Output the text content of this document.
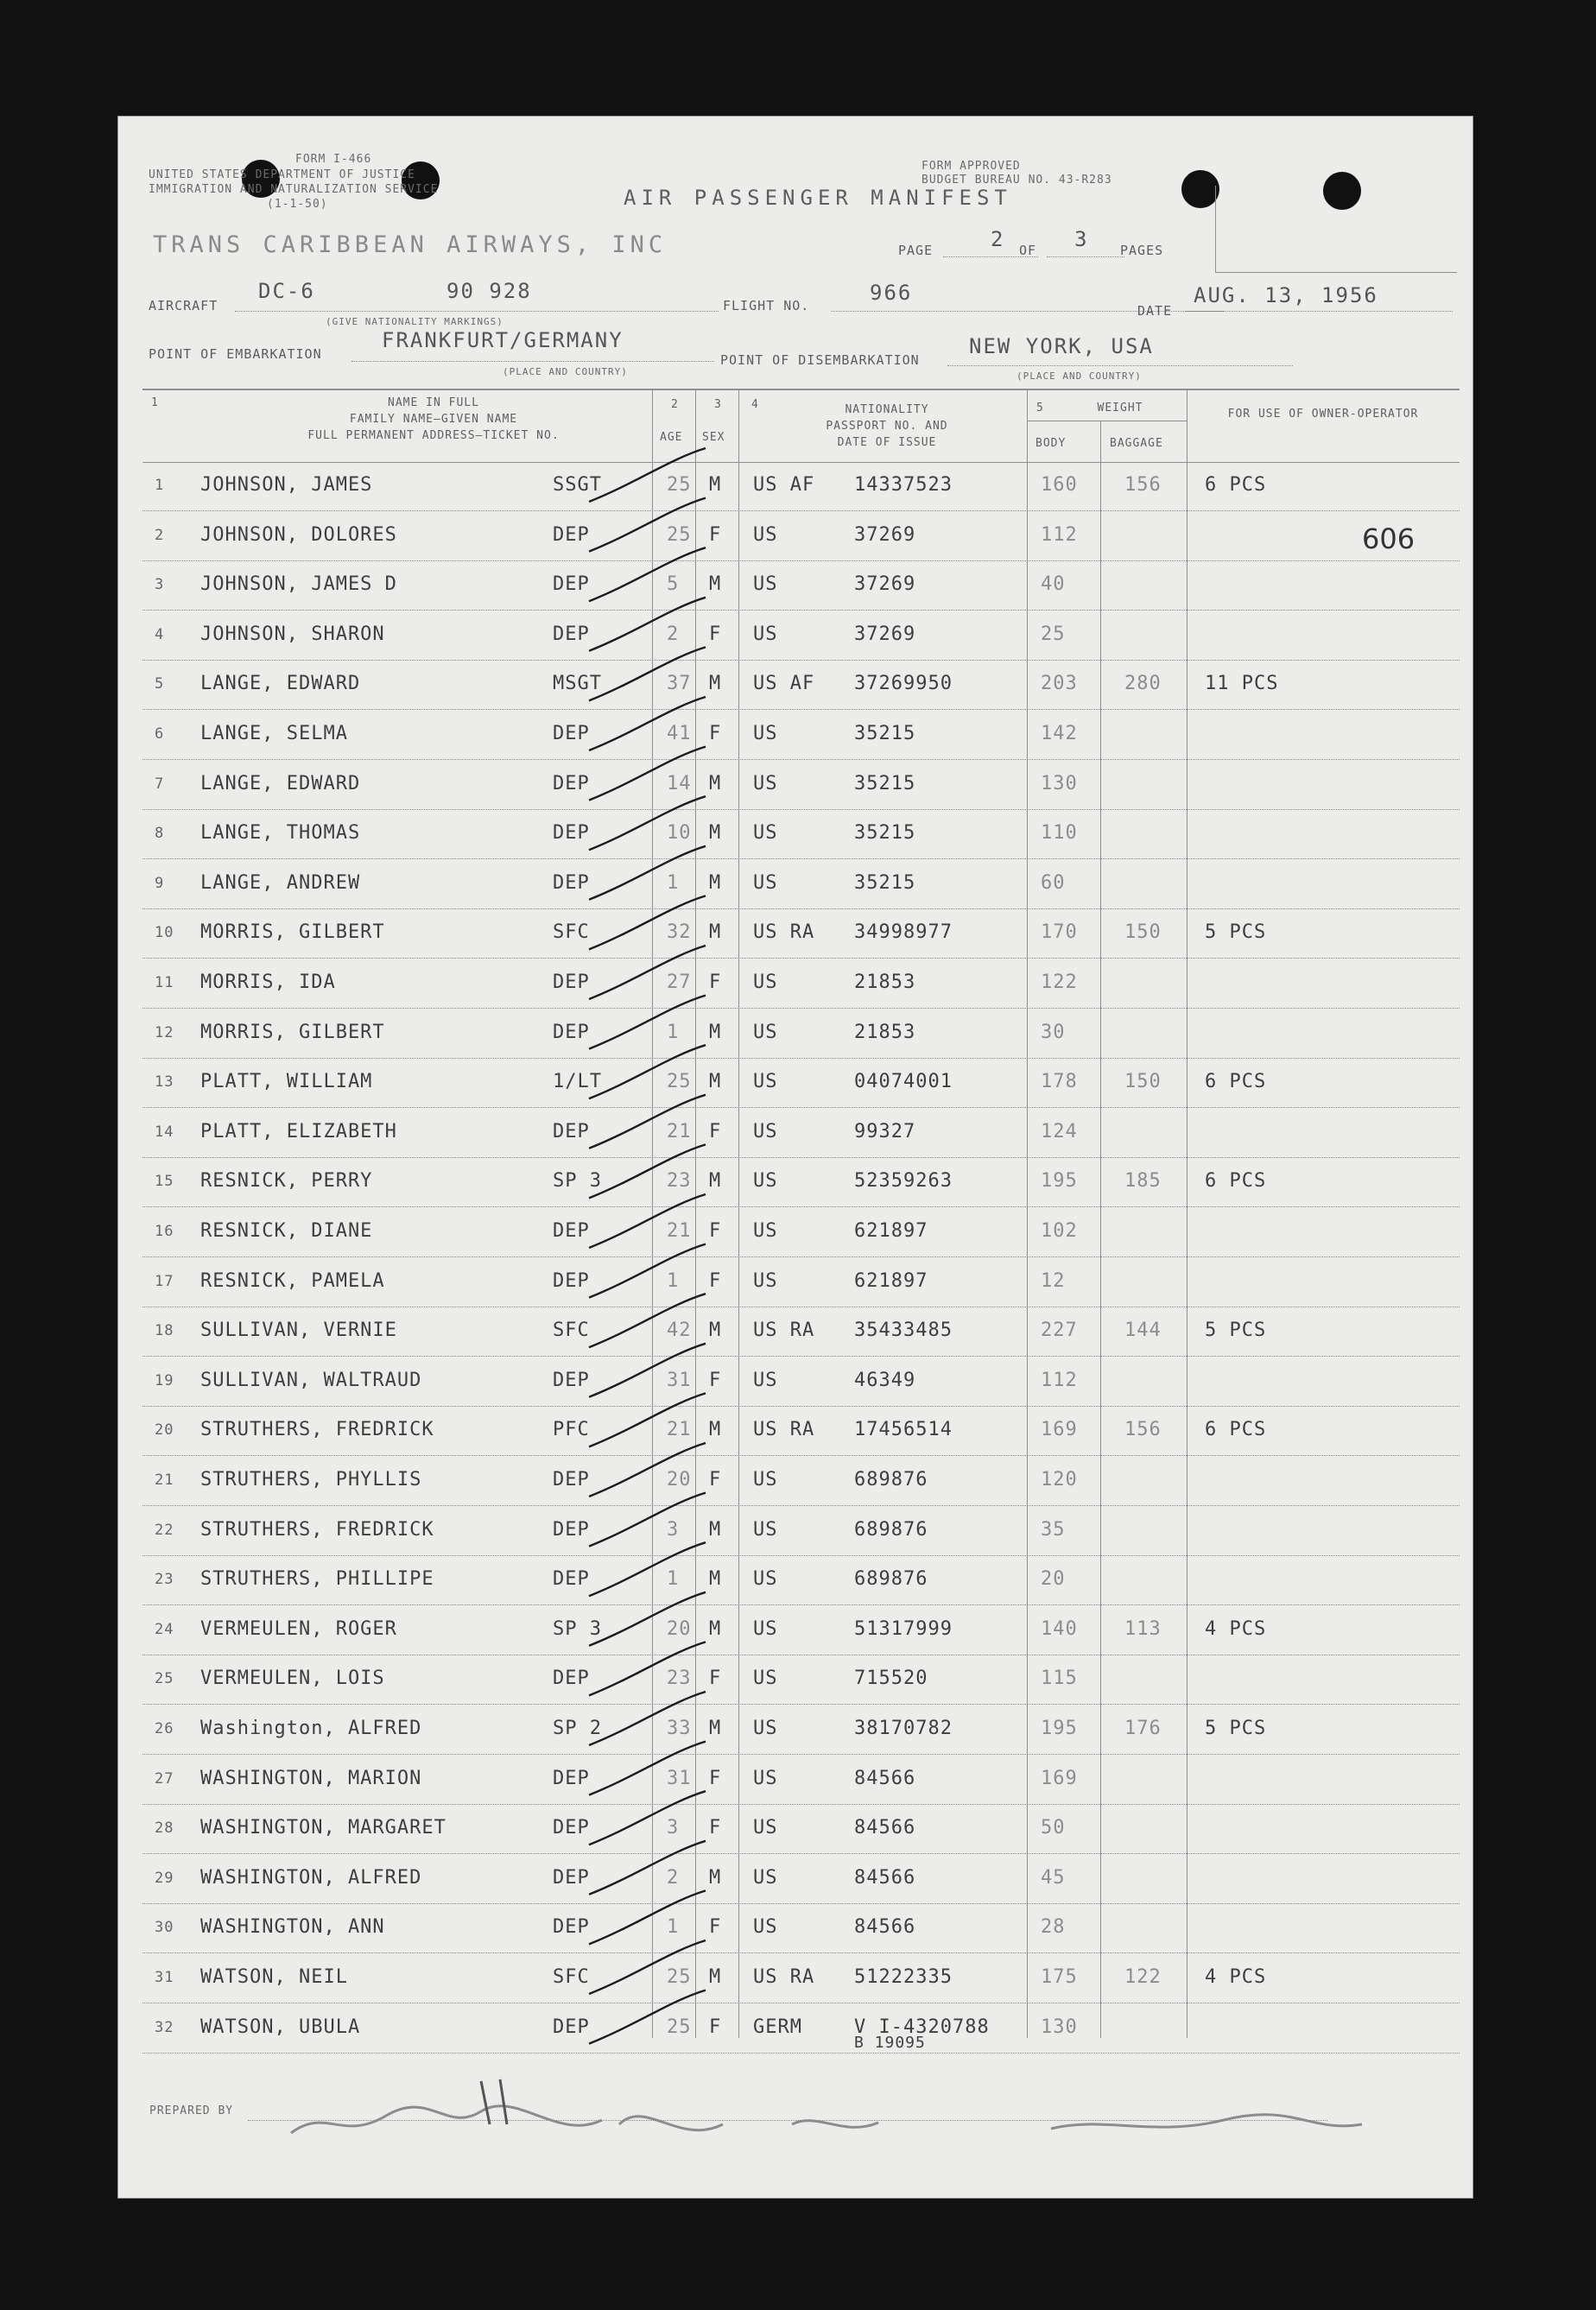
FORM I-466
UNITED STATES DEPARTMENT OF JUSTICE
IMMIGRATION AND NATURALIZATION SERVICE
(1-1-50)
FORM APPROVED
BUDGET BUREAU NO. 43-R283
AIR PASSENGER MANIFEST
TRANS CARIBBEAN AIRWAYS, INC	PAGE	2 OF 3 PAGES
AIRCRAFT
DC-6	90 928
FLIGHT NO.
966
DATE
AUG. 13, 1956
(GIVE NATIONALITY MARKINGS)
POINT OF EMBARKATION
FRANKFURT/GERMANY
(PLACE AND COUNTRY)
POINT OF DISEMBARKATION
NEW YORK, USA
(PLACE AND COUNTRY)
1	NAME IN FULL
FAMILY NAME—GIVEN NAME
FULL PERMANENT ADDRESS—TICKET NO.
2
AGE
3
SEX
4	NATIONALITY
PASSPORT NO. AND
DATE OF ISSUE
5	WEIGHT
BODY	BAGGAGE
FOR USE OF OWNER-OPERATOR
1 JOHNSON, JAMES	SSGT	25 M US AF 14337523	160 156 6 PCS
2 JOHNSON, DOLORES	DEP	25 F US	37269	112
3 JOHNSON, JAMES D	DEP	5 M US	37269	40
4 JOHNSON, SHARON	DEP	2 F US	37269	25
5 LANGE, EDWARD	MSGT	37 M US AF 37269950	203 280 11 PCS
6 LANGE, SELMA	DEP	41 F US	35215	142
7 LANGE, EDWARD	DEP	14 M US	35215	130
8 LANGE, THOMAS	DEP	10 M US	35215	110
9 LANGE, ANDREW	DEP	1 M US	35215	60
10 MORRIS, GILBERT	SFC	32 M US RA 34998977	170 150 5 PCS
11 MORRIS, IDA	DEP	27 F US	21853	122
12 MORRIS, GILBERT	DEP	1 M US	21853	30
13 PLATT, WILLIAM	1/LT	25 M US	04074001	178 150 6 PCS
14 PLATT, ELIZABETH	DEP	21 F US	99327	124
15 RESNICK, PERRY	SP 3	23 M US	52359263	195 185 6 PCS
16 RESNICK, DIANE	DEP	21 F US	621897	102
17 RESNICK, PAMELA	DEP	1 F US	621897	12
18 SULLIVAN, VERNIE	SFC	42 M US RA 35433485	227 144 5 PCS
19 SULLIVAN, WALTRAUD	DEP	31 F US	46349	112
20 STRUTHERS, FREDRICK	PFC	21 M US RA 17456514	169 156 6 PCS
21 STRUTHERS, PHYLLIS	DEP	20 F US	689876	120
22 STRUTHERS, FREDRICK	DEP	3 M US	689876	35
23 STRUTHERS, PHILLIPE	DEP	1 M US	689876	20
24 VERMEULEN, ROGER	SP 3	20 M US	51317999	140 113 4 PCS
25 VERMEULEN, LOIS	DEP	23 F US	715520	115
26 Washington, ALFRED	SP 2	33 M US	38170782	195 176 5 PCS
27 WASHINGTON, MARION	DEP	31 F US	84566	169
28 WASHINGTON, MARGARET	DEP	3 F US	84566	50
29 WASHINGTON, ALFRED	DEP	2 M US	84566	45
30 WASHINGTON, ANN	DEP	1 F US	84566	28
31 WATSON, NEIL	SFC	25 M US RA 51222335	175 122 4 PCS
32 WATSON, UBULA	DEP	25 F GERM	V I-4320788	130
B 19095
606
PREPARED BY
